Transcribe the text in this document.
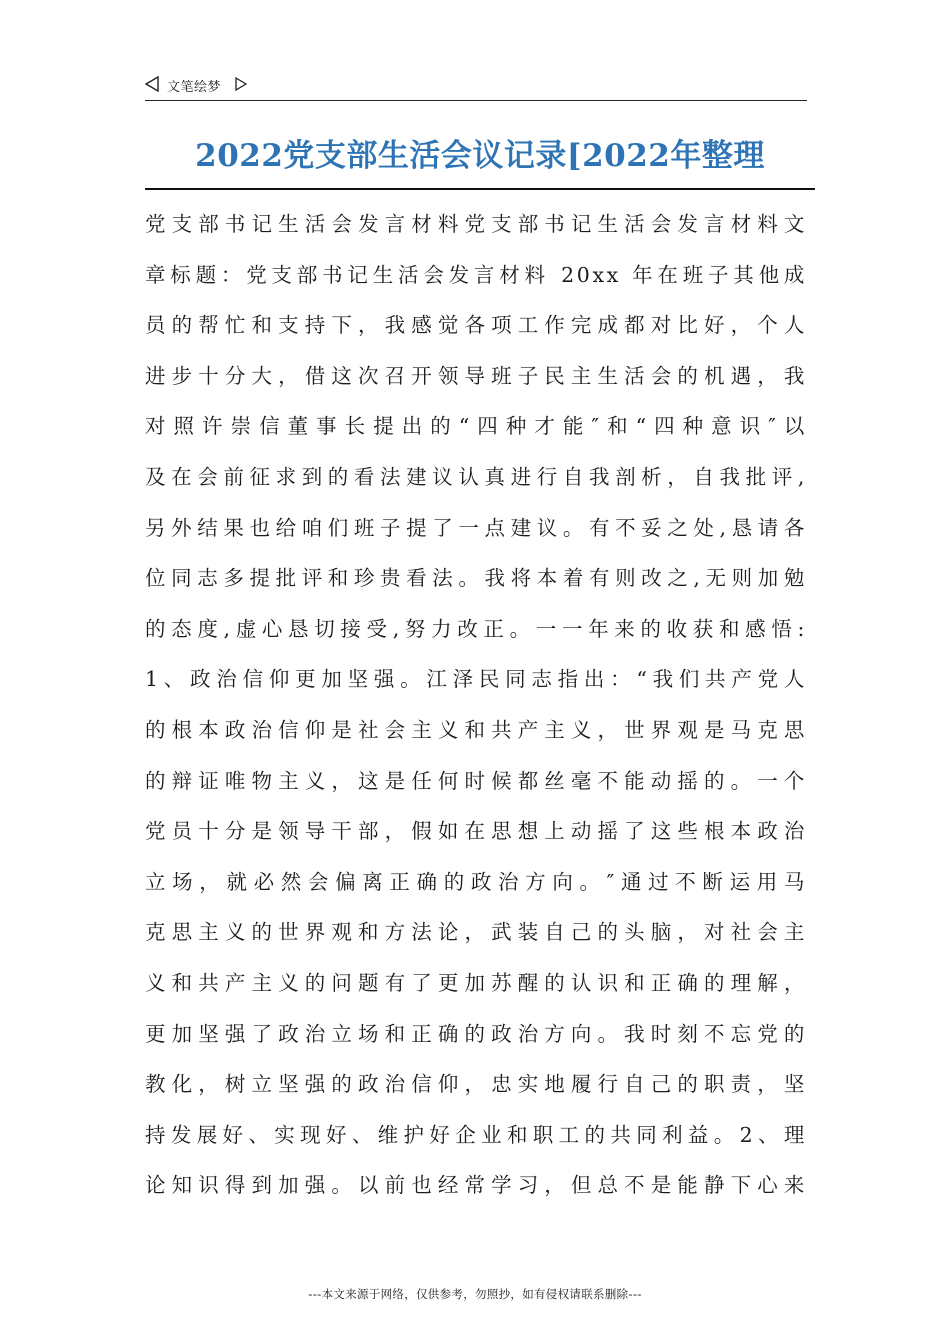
文笔绘梦
2022党支部生活会议记录[2022年整理
党支部书记生活会发言材料党支部书记生活会发言材料文
章标题：党支部书记生活会发言材料 20xx 年在班子其他成
员的帮忙和支持下，我感觉各项工作完成都对比好，个人
进步十分大，借这次召开领导班子民主生活会的机遇，我
对照许崇信董事长提出的“四种才能″和“四种意识″以
及在会前征求到的看法建议认真进行自我剖析，自我批评,
另外结果也给咱们班子提了一点建议。有不妥之处,恳请各
位同志多提批评和珍贵看法。我将本着有则改之,无则加勉
的态度,虚心恳切接受,努力改正。一一年来的收获和感悟:
1、政治信仰更加坚强。江泽民同志指出：“我们共产党人
的根本政治信仰是社会主义和共产主义，世界观是马克思
的辩证唯物主义，这是任何时候都丝毫不能动摇的。一个
党员十分是领导干部，假如在思想上动摇了这些根本政治
立场，就必然会偏离正确的政治方向。″通过不断运用马
克思主义的世界观和方法论，武装自己的头脑，对社会主
义和共产主义的问题有了更加苏醒的认识和正确的理解，
更加坚强了政治立场和正确的政治方向。我时刻不忘党的
教化，树立坚强的政治信仰，忠实地履行自己的职责，坚
持发展好、实现好、维护好企业和职工的共同利益。2、理
论知识得到加强。以前也经常学习，但总不是能静下心来
---本文来源于网络，仅供参考，勿照抄，如有侵权请联系删除---
